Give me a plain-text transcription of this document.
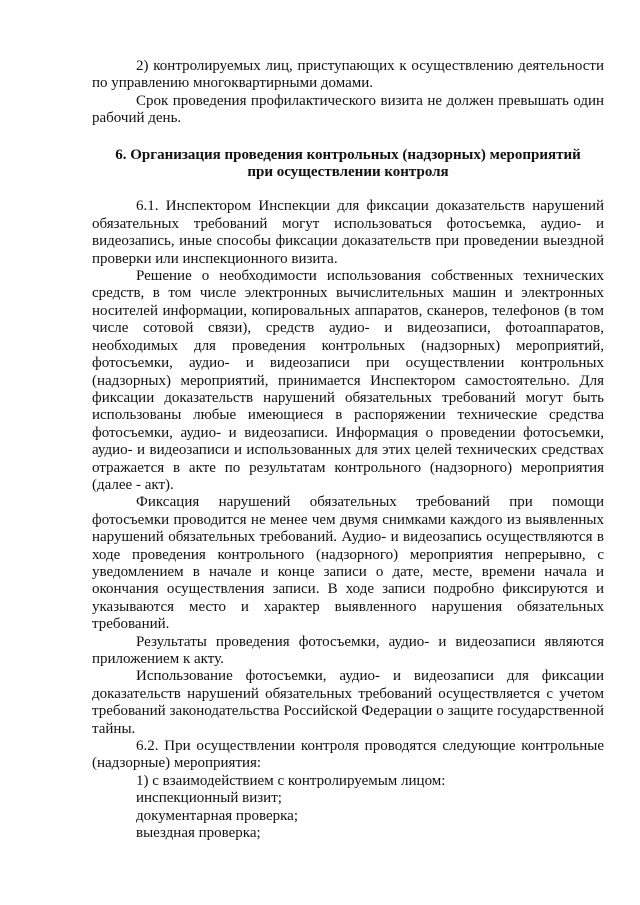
2) контролируемых лиц, приступающих к осуществлению деятельности по управлению многоквартирными домами.

Срок проведения профилактического визита не должен превышать один рабочий день.

6. Организация проведения контрольных (надзорных) мероприятий при осуществлении контроля

6.1. Инспектором Инспекции для фиксации доказательств нарушений обязательных требований могут использоваться фотосъемка, аудио- и видеозапись, иные способы фиксации доказательств при проведении выездной проверки или инспекционного визита.

Решение о необходимости использования собственных технических средств, в том числе электронных вычислительных машин и электронных носителей информации, копировальных аппаратов, сканеров, телефонов (в том числе сотовой связи), средств аудио- и видеозаписи, фотоаппаратов, необходимых для проведения контрольных (надзорных) мероприятий, фотосъемки, аудио- и видеозаписи при осуществлении контрольных (надзорных) мероприятий, принимается Инспектором самостоятельно. Для фиксации доказательств нарушений обязательных требований могут быть использованы любые имеющиеся в распоряжении технические средства фотосъемки, аудио- и видеозаписи. Информация о проведении фотосъемки, аудио- и видеозаписи и использованных для этих целей технических средствах отражается в акте по результатам контрольного (надзорного) мероприятия (далее - акт).

Фиксация нарушений обязательных требований при помощи фотосъемки проводится не менее чем двумя снимками каждого из выявленных нарушений обязательных требований. Аудио- и видеозапись осуществляются в ходе проведения контрольного (надзорного) мероприятия непрерывно, с уведомлением в начале и конце записи о дате, месте, времени начала и окончания осуществления записи. В ходе записи подробно фиксируются и указываются место и характер выявленного нарушения обязательных требований.

Результаты проведения фотосъемки, аудио- и видеозаписи являются приложением к акту.

Использование фотосъемки, аудио- и видеозаписи для фиксации доказательств нарушений обязательных требований осуществляется с учетом требований законодательства Российской Федерации о защите государственной тайны.

6.2. При осуществлении контроля проводятся следующие контрольные (надзорные) мероприятия:

1) с взаимодействием с контролируемым лицом:

инспекционный визит;

документарная проверка;

выездная проверка;
